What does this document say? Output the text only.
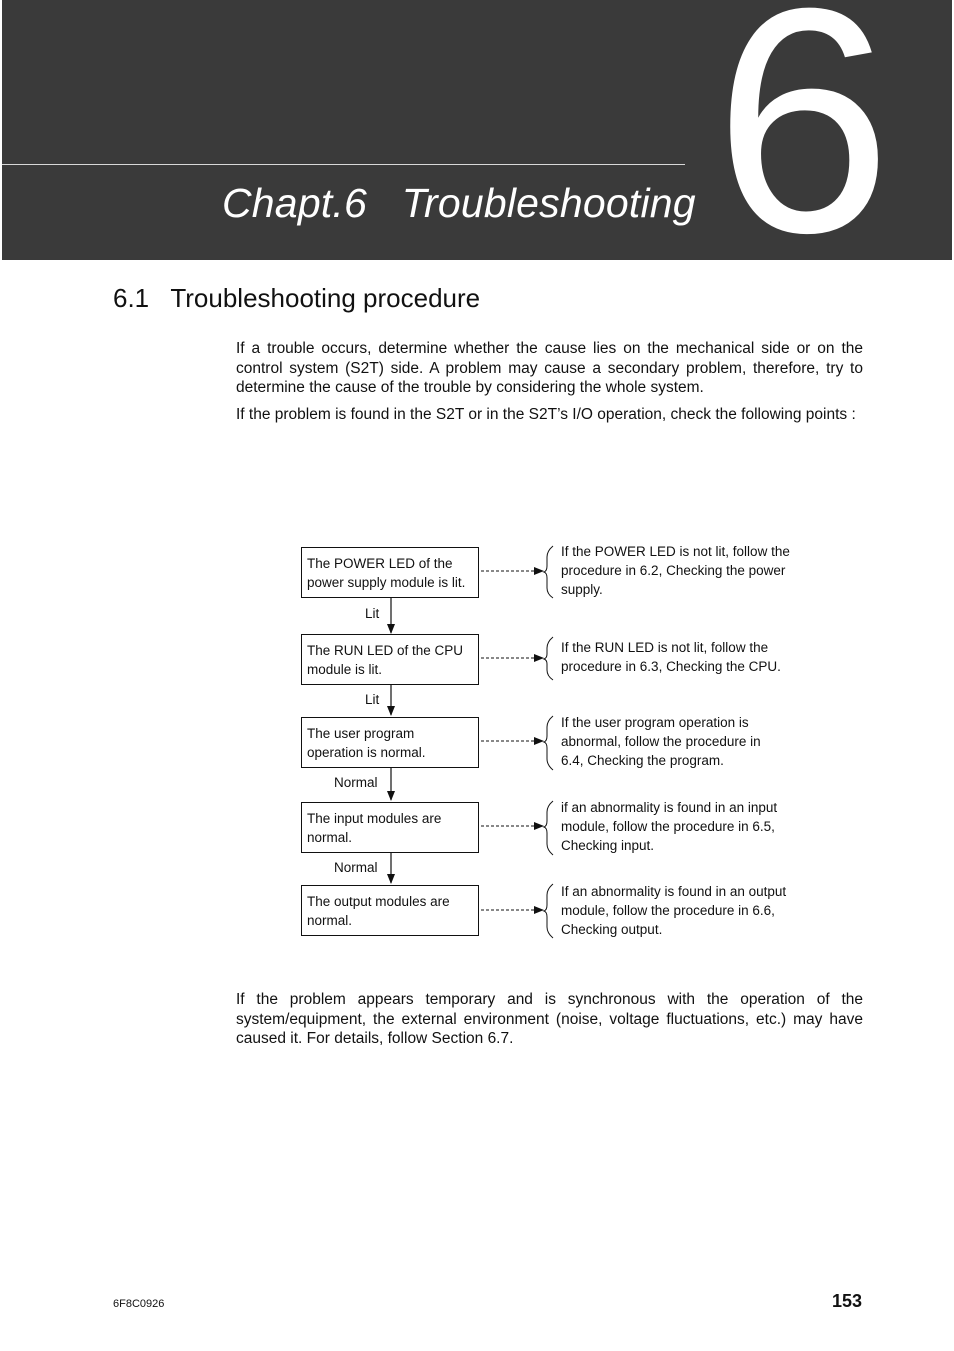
6
Chapt.6   Troubleshooting
6.1   Troubleshooting procedure

If a trouble occurs, determine whether the cause lies on the mechanical side or on the control system (S2T) side. A problem may cause a secondary problem, therefore, try to determine the cause of the trouble by considering the whole system.

If the problem is found in the S2T or in the S2T’s I/O operation, check the following points :

The POWER LED of the power supply module is lit.
The RUN LED of the CPU module is lit.
The user program operation is normal.
The input modules are normal.
The output modules are normal.
Lit
Lit
Normal
Normal
If the POWER LED is not lit, follow the procedure in 6.2, Checking the power supply.
If the RUN LED is not lit, follow the procedure in 6.3, Checking the CPU.
If the user program operation is abnormal, follow the procedure in 6.4, Checking the program.
if an abnormality is found in an input module, follow the procedure in 6.5, Checking input.
If an abnormality is found in an output module, follow the procedure in 6.6, Checking output.

If the problem appears temporary and is synchronous with the operation of the system/equipment, the external environment (noise, voltage fluctuations, etc.) may have caused it. For details, follow Section 6.7.

6F8C0926	153
